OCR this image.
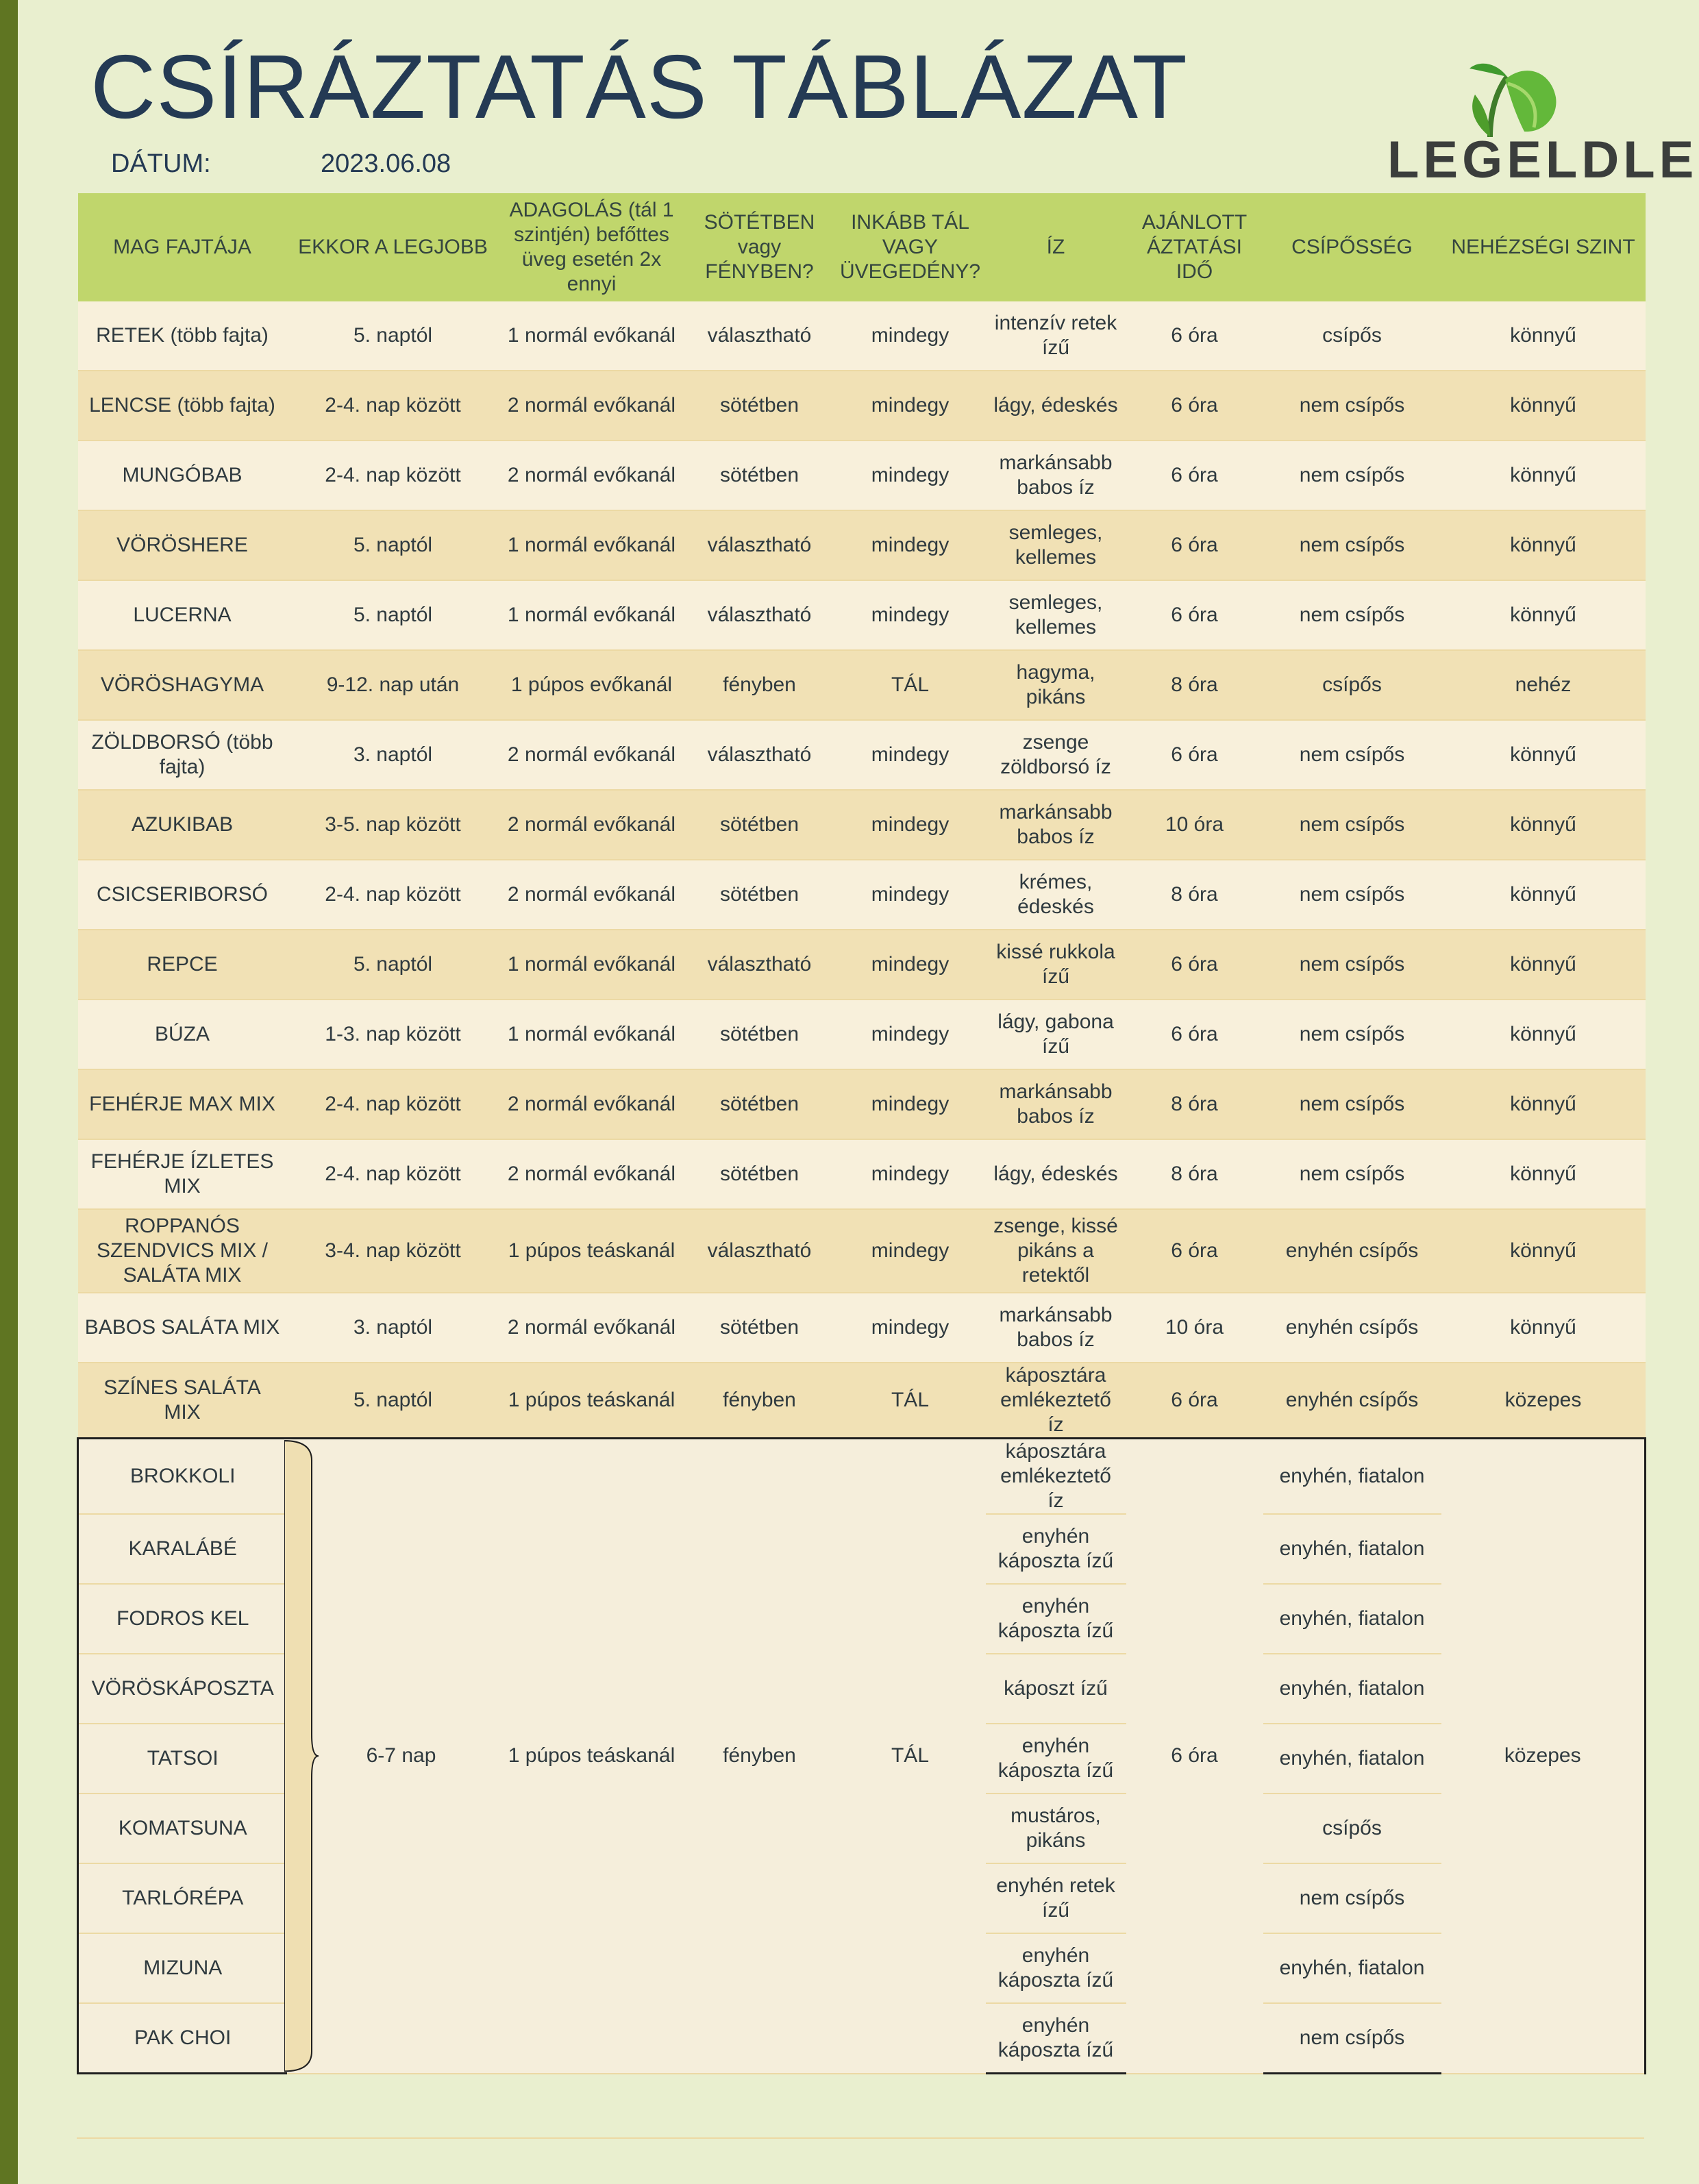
CSÍRÁZTATÁS TÁBLÁZAT
DÁTUM:	2023.06.08	LEGELDLE
MAG FAJTÁJA	EKKOR A LEGJOBB	ADAGOLÁS (tál 1 szintjén) befőttes üveg esetén 2x ennyi	SÖTÉTBEN vagy FÉNYBEN?	INKÁBB TÁL VAGY ÜVEGEDÉNY?	ÍZ	AJÁNLOTT ÁZTATÁSI IDŐ	CSÍPŐSSÉG	NEHÉZSÉGI SZINT
RETEK (több fajta)	5. naptól	1 normál evőkanál	választható	mindegy	intenzív retek ízű	6 óra	csípős	könnyű
LENCSE (több fajta)	2-4. nap között	2 normál evőkanál	sötétben	mindegy	lágy, édeskés	6 óra	nem csípős	könnyű
MUNGÓBAB	2-4. nap között	2 normál evőkanál	sötétben	mindegy	markánsabb babos íz	6 óra	nem csípős	könnyű
VÖRÖSHERE	5. naptól	1 normál evőkanál	választható	mindegy	semleges, kellemes	6 óra	nem csípős	könnyű
LUCERNA	5. naptól	1 normál evőkanál	választható	mindegy	semleges, kellemes	6 óra	nem csípős	könnyű
VÖRÖSHAGYMA	9-12. nap után	1 púpos evőkanál	fényben	TÁL	hagyma, pikáns	8 óra	csípős	nehéz
ZÖLDBORSÓ (több fajta)	3. naptól	2 normál evőkanál	választható	mindegy	zsenge zöldborsó íz	6 óra	nem csípős	könnyű
AZUKIBAB	3-5. nap között	2 normál evőkanál	sötétben	mindegy	markánsabb babos íz	10 óra	nem csípős	könnyű
CSICSERIBORSÓ	2-4. nap között	2 normál evőkanál	sötétben	mindegy	krémes, édeskés	8 óra	nem csípős	könnyű
REPCE	5. naptól	1 normál evőkanál	választható	mindegy	kissé rukkola ízű	6 óra	nem csípős	könnyű
BÚZA	1-3. nap között	1 normál evőkanál	sötétben	mindegy	lágy, gabona ízű	6 óra	nem csípős	könnyű
FEHÉRJE MAX MIX	2-4. nap között	2 normál evőkanál	sötétben	mindegy	markánsabb babos íz	8 óra	nem csípős	könnyű
FEHÉRJE ÍZLETES MIX	2-4. nap között	2 normál evőkanál	sötétben	mindegy	lágy, édeskés	8 óra	nem csípős	könnyű
ROPPANÓS SZENDVICS MIX / SALÁTA MIX	3-4. nap között	1 púpos teáskanál	választható	mindegy	zsenge, kissé pikáns a retektől	6 óra	enyhén csípős	könnyű
BABOS SALÁTA MIX	3. naptól	2 normál evőkanál	sötétben	mindegy	markánsabb babos íz	10 óra	enyhén csípős	könnyű
SZÍNES SALÁTA MIX	5. naptól	1 púpos teáskanál	fényben	TÁL	káposztára emlékeztető íz	6 óra	enyhén csípős	közepes
BROKKOLI	6-7 nap	1 púpos teáskanál	fényben	TÁL	káposztára emlékeztető íz	6 óra	enyhén, fiatalon	közepes
KARALÁBÉ					enyhén káposzta ízű		enyhén, fiatalon	
FODROS KEL					enyhén káposzta ízű		enyhén, fiatalon	
VÖRÖSKÁPOSZTA					káposzt ízű		enyhén, fiatalon	
TATSOI					enyhén káposzta ízű		enyhén, fiatalon	
KOMATSUNA					mustáros, pikáns		csípős	
TARLÓRÉPA					enyhén retek ízű		nem csípős	
MIZUNA					enyhén káposzta ízű		enyhén, fiatalon	
PAK CHOI					enyhén káposzta ízű		nem csípős	
